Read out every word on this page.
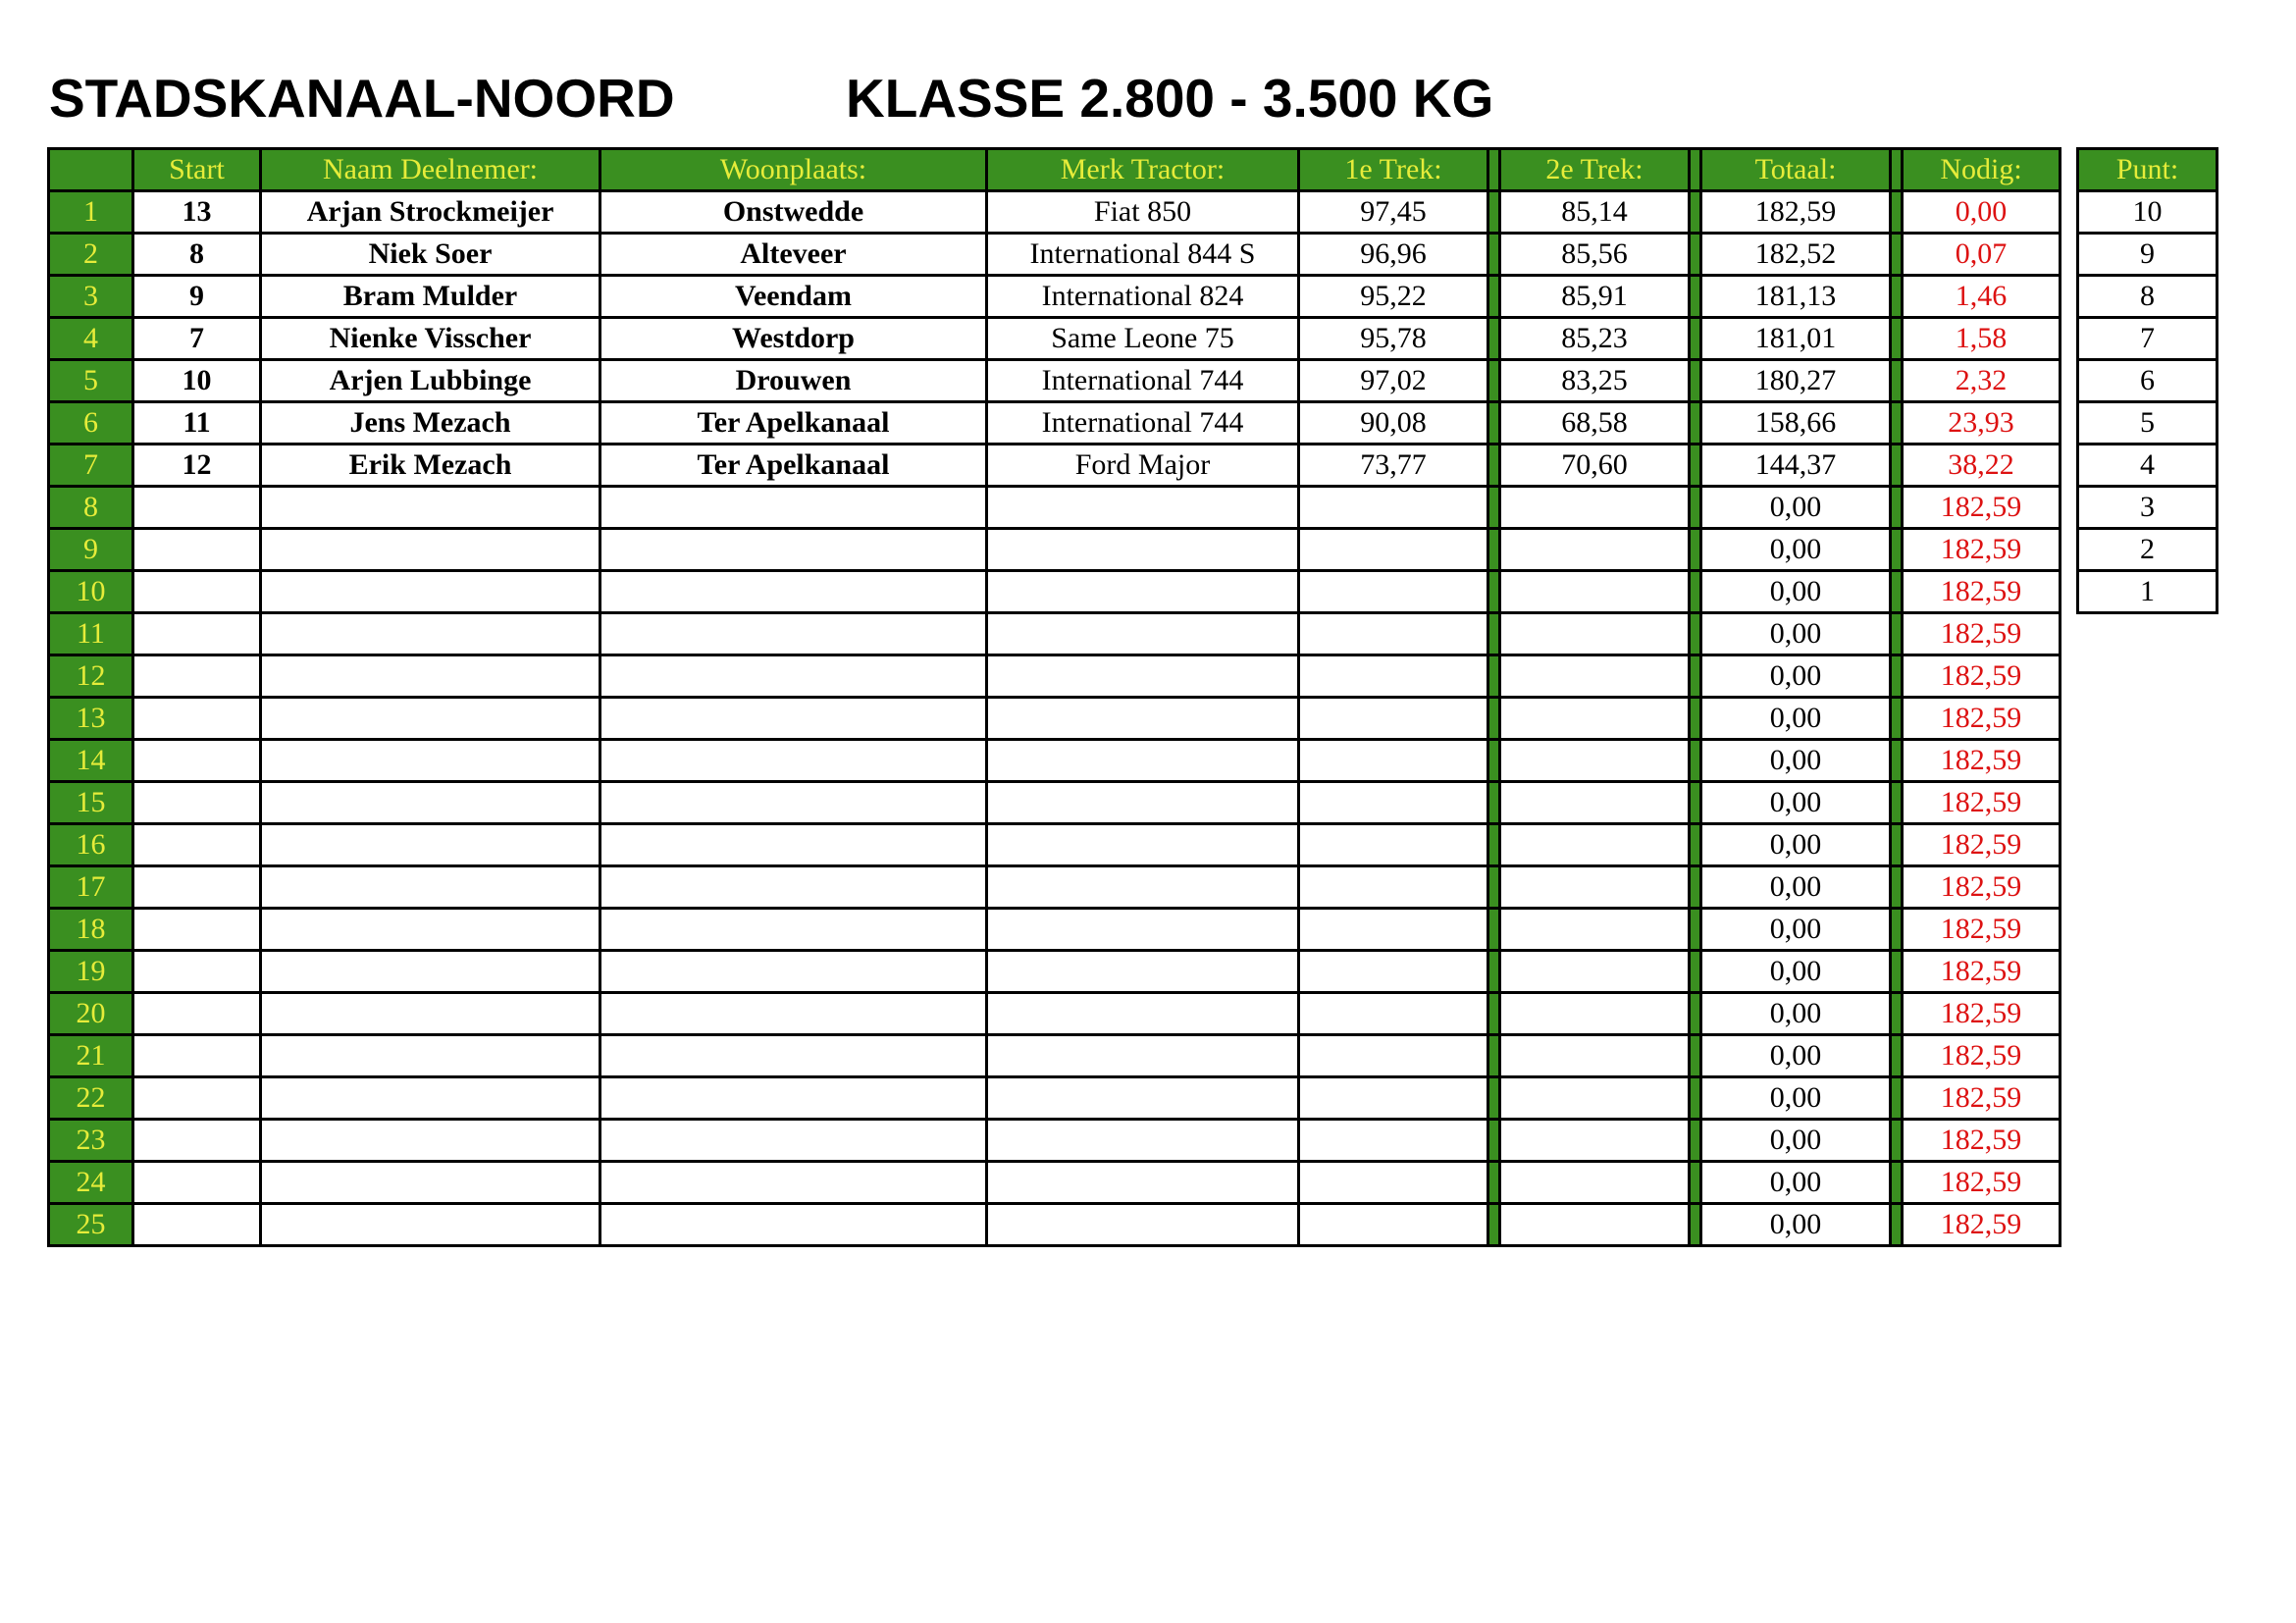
STADSKANAAL-NOORD	KLASSE 2.800 - 3.500 KG
	Start	Naam Deelnemer:	Woonplaats:	Merk Tractor:	1e Trek:		2e Trek:		Totaal:		Nodig:
1	13	Arjan Strockmeijer	Onstwedde	Fiat 850	97,45		85,14		182,59		0,00
2	8	Niek Soer	Alteveer	International 844 S	96,96		85,56		182,52		0,07
3	9	Bram Mulder	Veendam	International 824	95,22		85,91		181,13		1,46
4	7	Nienke Visscher	Westdorp	Same Leone 75	95,78		85,23		181,01		1,58
5	10	Arjen Lubbinge	Drouwen	International 744	97,02		83,25		180,27		2,32
6	11	Jens Mezach	Ter Apelkanaal	International 744	90,08		68,58		158,66		23,93
7	12	Erik Mezach	Ter Apelkanaal	Ford Major	73,77		70,60		144,37		38,22
8									0,00		182,59
9									0,00		182,59
10									0,00		182,59
11									0,00		182,59
12									0,00		182,59
13									0,00		182,59
14									0,00		182,59
15									0,00		182,59
16									0,00		182,59
17									0,00		182,59
18									0,00		182,59
19									0,00		182,59
20									0,00		182,59
21									0,00		182,59
22									0,00		182,59
23									0,00		182,59
24									0,00		182,59
25									0,00		182,59
Punt:
10
9
8
7
6
5
4
3
2
1
